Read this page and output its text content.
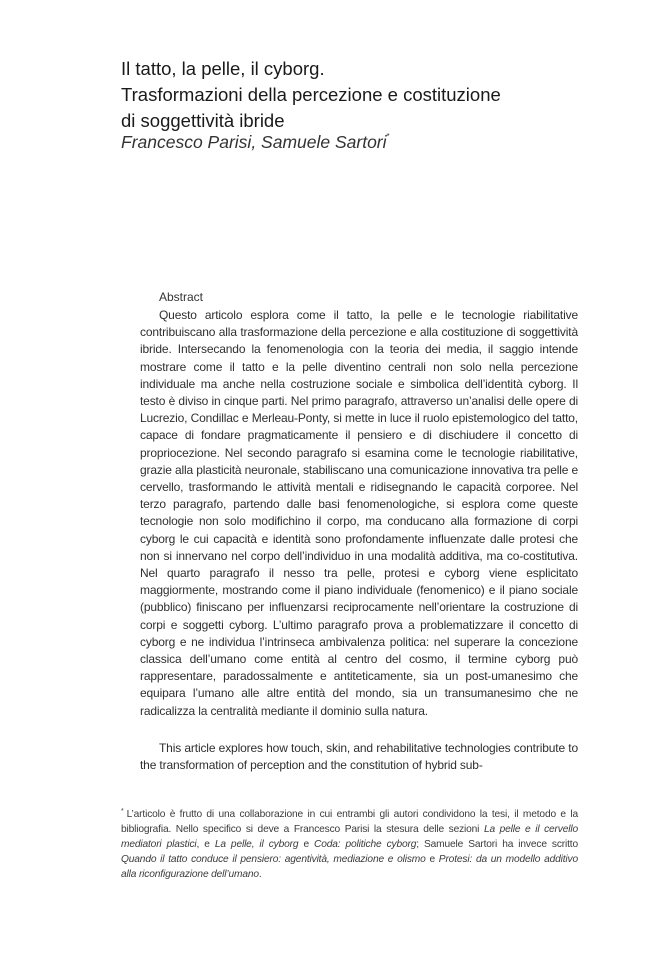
Il tatto, la pelle, il cyborg.
Trasformazioni della percezione e costituzione
di soggettività ibride
Francesco Parisi, Samuele Sartori*
Abstract

Questo articolo esplora come il tatto, la pelle e le tecnologie riabilitative contribuiscano alla trasformazione della percezione e alla costituzione di soggettività ibride. Intersecando la fenomenologia con la teoria dei media, il saggio intende mostrare come il tatto e la pelle diventino centrali non solo nella percezione individuale ma anche nella costruzione sociale e simbolica dell’identità cyborg. Il testo è diviso in cinque parti. Nel primo paragrafo, attraverso un’analisi delle opere di Lucrezio, Condillac e Merleau-Ponty, si mette in luce il ruolo epistemologico del tatto, capace di fondare pragmaticamente il pensiero e di dischiudere il concetto di propriocezione. Nel secondo paragrafo si esamina come le tecnologie riabilitative, grazie alla plasticità neuronale, stabiliscano una comunicazione innovativa tra pelle e cervello, trasformando le attività mentali e ridisegnando le capacità corporee. Nel terzo paragrafo, partendo dalle basi fenomenologiche, si esplora come queste tecnologie non solo modifichino il corpo, ma conducano alla formazione di corpi cyborg le cui capacità e identità sono profondamente influenzate dalle protesi che non si innervano nel corpo dell’individuo in una modalità additiva, ma co-costitutiva. Nel quarto paragrafo il nesso tra pelle, protesi e cyborg viene esplicitato maggiormente, mostrando come il piano individuale (fenomenico) e il piano sociale (pubblico) finiscano per influenzarsi reciprocamente nell’orientare la costruzione di corpi e soggetti cyborg. L’ultimo paragrafo prova a problematizzare il concetto di cyborg e ne individua l’intrinseca ambivalenza politica: nel superare la concezione classica dell’umano come entità al centro del cosmo, il termine cyborg può rappresentare, paradossalmente e antiteticamente, sia un post-umanesimo che equipara l’umano alle altre entità del mondo, sia un transumanesimo che ne radicalizza la centralità mediante il dominio sulla natura.

This article explores how touch, skin, and rehabilitative technologies contribute to the transformation of perception and the constitution of hybrid sub-

* L’articolo è frutto di una collaborazione in cui entrambi gli autori condividono la tesi, il metodo e la bibliografia. Nello specifico si deve a Francesco Parisi la stesura delle sezioni La pelle e il cervello mediatori plastici, e La pelle, il cyborg e Coda: politiche cyborg; Samuele Sartori ha invece scritto Quando il tatto conduce il pensiero: agentività, mediazione e olismo e Protesi: da un modello additivo alla riconfigurazione dell’umano.
